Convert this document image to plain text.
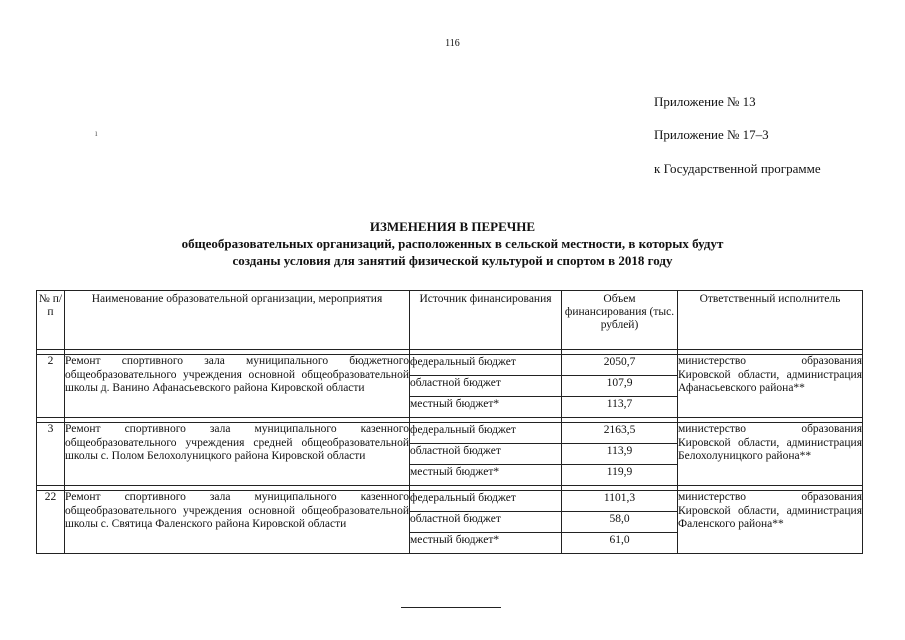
116
ı
Приложение № 13
Приложение № 17–3
к Государственной программе
ИЗМЕНЕНИЯ В ПЕРЕЧНЕ
общеобразовательных организаций, расположенных в сельской местности, в которых будут
созданы условия для занятий физической культурой и спортом в 2018 году
№ п/п	Наименование образовательной организации, мероприятия	Источник финансирования	Объем финансирования (тыс. рублей)	Ответственный исполнитель

2	Ремонт спортивного зала муниципального бюджетного общеобразовательного учреждения основной общеобразовательной школы д. Ванино Афанасьевского района Кировской области	федеральный бюджет	2050,7	министерство образования Кировской области, администрация Афанасьевского района**
		областной бюджет	107,9	
		местный бюджет*	113,7	

3	Ремонт спортивного зала муниципального казенного общеобразовательного учреждения средней общеобразовательной школы с. Полом Белохолуницкого района Кировской области	федеральный бюджет	2163,5	министерство образования Кировской области, администрация Белохолуницкого района**
		областной бюджет	113,9	
		местный бюджет*	119,9	

22	Ремонт спортивного зала муниципального казенного общеобразовательного учреждения основной общеобразовательной школы с. Святица Фаленского района Кировской области	федеральный бюджет	1101,3	министерство образования Кировской области, администрация Фаленского района**
		областной бюджет	58,0	
		местный бюджет*	61,0	
